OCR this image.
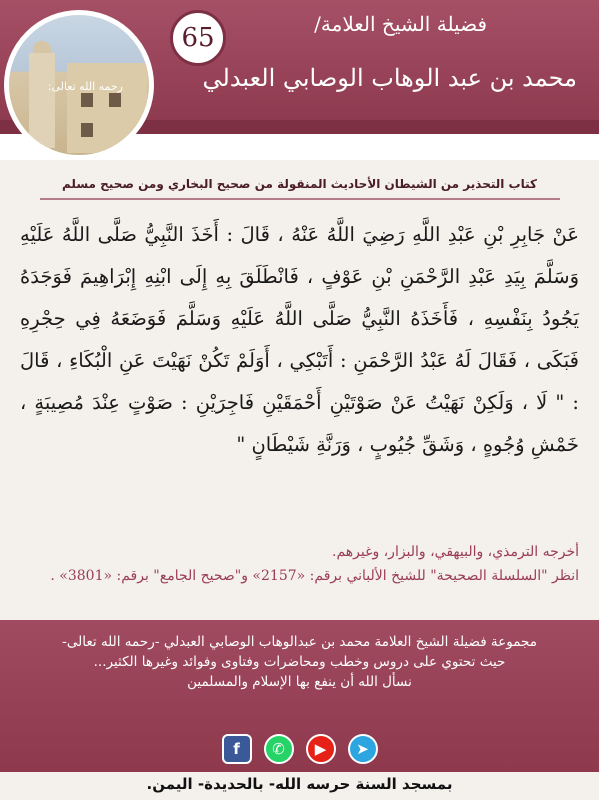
65	فضيلة الشيخ العلامة/
محمد بن عبد الوهاب الوصابي العبدلي
رحمه الله تعالى:
كتاب التحذير من الشيطان الأحاديث المنقولة من صحيح البخاري ومن صحيح مسلم

عَنْ جَابِرِ بْنِ عَبْدِ اللَّهِ رَضِيَ اللَّهُ عَنْهُ ، قَالَ : أَخَذَ النَّبِيُّ صَلَّى اللَّهُ عَلَيْهِ وَسَلَّمَ بِيَدِ عَبْدِ الرَّحْمَنِ بْنِ عَوْفٍ ، فَانْطَلَقَ بِهِ إِلَى ابْنِهِ إِبْرَاهِيمَ فَوَجَدَهُ يَجُودُ بِنَفْسِهِ ، فَأَخَذَهُ النَّبِيُّ صَلَّى اللَّهُ عَلَيْهِ وَسَلَّمَ فَوَضَعَهُ فِي حِجْرِهِ فَبَكَى ، فَقَالَ لَهُ عَبْدُ الرَّحْمَنِ : أَتَبْكِي ، أَوَلَمْ تَكُنْ نَهَيْتَ عَنِ الْبُكَاءِ ، قَالَ : " لَا ، وَلَكِنْ نَهَيْتُ عَنْ صَوْتَيْنِ أَحْمَقَيْنِ فَاجِرَيْنِ : صَوْتٍ عِنْدَ مُصِيبَةٍ ، خَمْشِ وُجُوهٍ ، وَشَقِّ جُيُوبٍ ، وَرَنَّةِ شَيْطَانٍ "

أخرجه الترمذي، والبيهقي، والبزار، وغيرهم.
انظر "السلسلة الصحيحة" للشيخ الألباني برقم: «2157» و"صحيح الجامع" برقم: «3801» .
مجموعة فضيلة الشيخ العلامة محمد بن عبدالوهاب الوصابي العبدلي -رحمه الله تعالى-
حيث تحتوي على دروس وخطب ومحاضرات وفتاوى وفوائد وغيرها الكثير...
نسأل الله أن ينفع بها الإسلام والمسلمين
f	✆	▶	➤
بمسجد السنة حرسه الله- بالحديدة- اليمن.
